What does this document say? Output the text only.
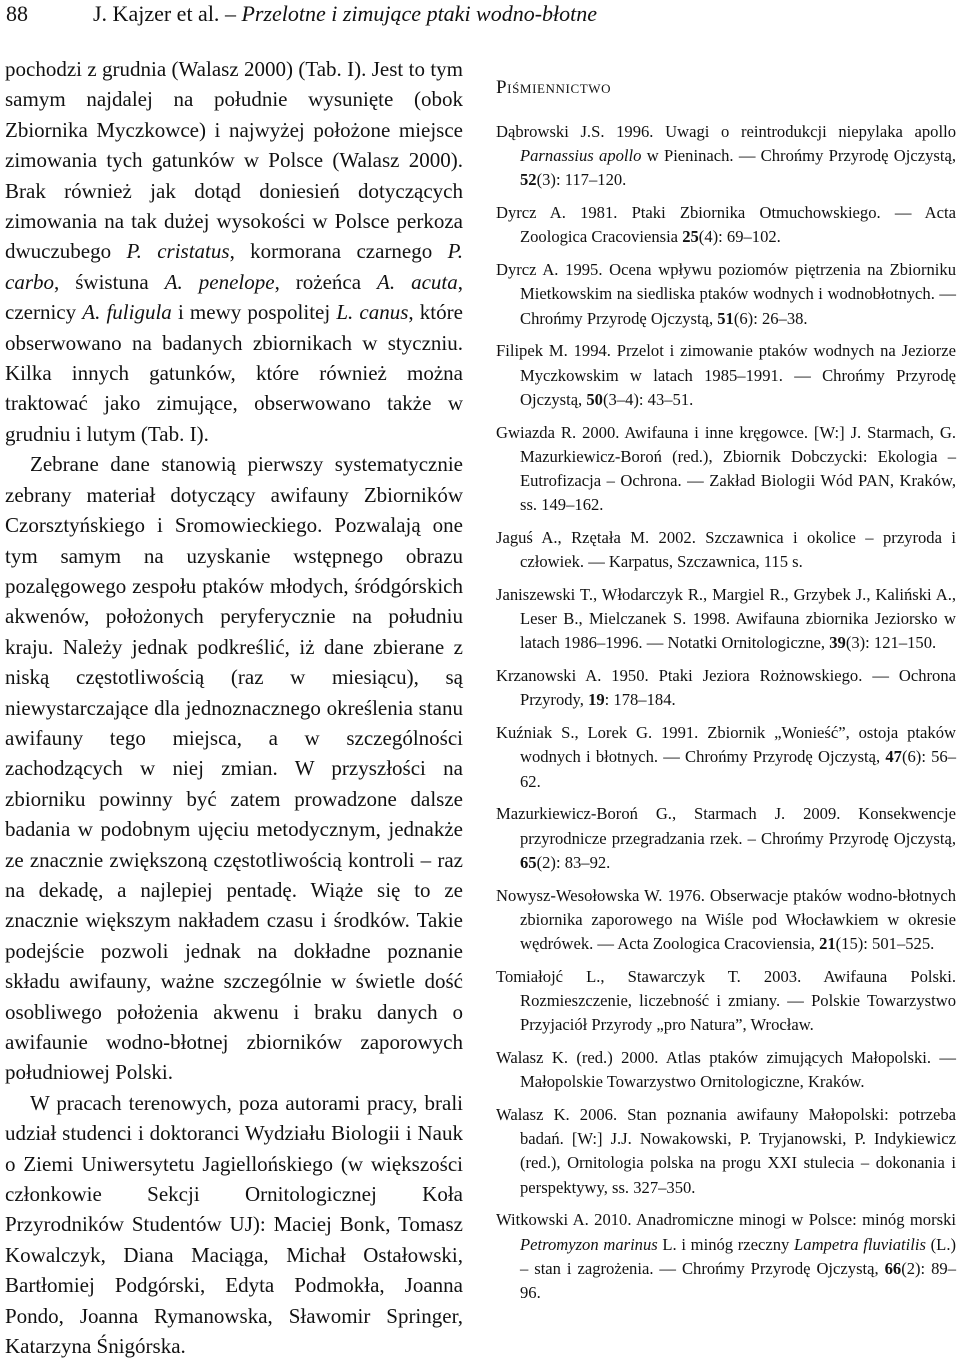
88	J. Kajzer et al. – Przelotne i zimujące ptaki wodno-błotne

pochodzi z grudnia (Walasz 2000) (Tab. I). Jest to tym samym najdalej na południe wysunięte (obok Zbiornika Myczkowce) i najwyżej położone miejsce zimowania tych gatunków w Polsce (Walasz 2000). Brak również jak dotąd doniesień dotyczących zimowania na tak dużej wysokości w Polsce perkoza dwuczubego P. cristatus, kormorana czarnego P. carbo, świstuna A. penelope, rożeńca A. acuta, czernicy A. fuligula i mewy pospolitej L. canus, które obserwowano na badanych zbiornikach w styczniu. Kilka innych gatunków, które również można traktować jako zimujące, obserwowano także w grudniu i lutym (Tab. I).

Zebrane dane stanowią pierwszy systematycznie zebrany materiał dotyczący awifauny Zbiorników Czorsztyńskiego i Sromowieckiego. Pozwalają one tym samym na uzyskanie wstępnego obrazu pozalęgowego zespołu ptaków młodych, śródgórskich akwenów, położonych peryferycznie na południu kraju. Należy jednak podkreślić, iż dane zbierane z niską częstotliwością (raz w miesiącu), są niewystarczające dla jednoznacznego określenia stanu awifauny tego miejsca, a w szczególności zachodzących w niej zmian. W przyszłości na zbiorniku powinny być zatem prowadzone dalsze badania w podobnym ujęciu metodycznym, jednakże ze znacznie zwiększoną częstotliwością kontroli – raz na dekadę, a najlepiej pentadę. Wiąże się to ze znacznie większym nakładem czasu i środków. Takie podejście pozwoli jednak na dokładne poznanie składu awifauny, ważne szczególnie w świetle dość osobliwego położenia akwenu i braku danych o awifaunie wodno-błotnej zbiorników zaporowych południowej Polski.

W pracach terenowych, poza autorami pracy, brali udział studenci i doktoranci Wydziału Biologii i Nauk o Ziemi Uniwersytetu Jagiellońskiego (w większości członkowie Sekcji Ornitologicznej Koła Przyrodników Studentów UJ): Maciej Bonk, Tomasz Kowalczyk, Diana Maciąga, Michał Ostałowski, Bartłomiej Podgórski, Edyta Podmokła, Joanna Pondo, Joanna Rymanowska, Sławomir Springer, Katarzyna Śnigórska.

Piśmiennictwo

Dąbrowski J.S. 1996. Uwagi o reintrodukcji niepylaka apollo Parnassius apollo w Pieninach. — Chrońmy Przyrodę Ojczystą, 52(3): 117–120.

Dyrcz A. 1981. Ptaki Zbiornika Otmuchowskiego. — Acta Zoologica Cracoviensia 25(4): 69–102.

Dyrcz A. 1995. Ocena wpływu poziomów piętrzenia na Zbiorniku Mietkowskim na siedliska ptaków wodnych i wodnobłotnych. — Chrońmy Przyrodę Ojczystą, 51(6): 26–38.

Filipek M. 1994. Przelot i zimowanie ptaków wodnych na Jeziorze Myczkowskim w latach 1985–1991. — Chrońmy Przyrodę Ojczystą, 50(3–4): 43–51.

Gwiazda R. 2000. Awifauna i inne kręgowce. [W:] J. Starmach, G. Mazurkiewicz-Boroń (red.), Zbiornik Dobczycki: Ekologia – Eutrofizacja – Ochrona. — Zakład Biologii Wód PAN, Kraków, ss. 149–162.

Jaguś A., Rzętała M. 2002. Szczawnica i okolice – przyroda i człowiek. — Karpatus, Szczawnica, 115 s.

Janiszewski T., Włodarczyk R., Margiel R., Grzybek J., Kaliński A., Leser B., Mielczanek S. 1998. Awifauna zbiornika Jeziorsko w latach 1986–1996. — Notatki Ornitologiczne, 39(3): 121–150.

Krzanowski A. 1950. Ptaki Jeziora Rożnowskiego. — Ochrona Przyrody, 19: 178–184.

Kuźniak S., Lorek G. 1991. Zbiornik „Wonieść”, ostoja ptaków wodnych i błotnych. — Chrońmy Przyrodę Ojczystą, 47(6): 56–62.

Mazurkiewicz-Boroń G., Starmach J. 2009. Konsekwencje przyrodnicze przegradzania rzek. – Chrońmy Przyrodę Ojczystą, 65(2): 83–92.

Nowysz-Wesołowska W. 1976. Obserwacje ptaków wodno-błotnych zbiornika zaporowego na Wiśle pod Włocławkiem w okresie wędrówek. — Acta Zoologica Cracoviensia, 21(15): 501–525.

Tomiałojć L., Stawarczyk T. 2003. Awifauna Polski. Rozmieszczenie, liczebność i zmiany. — Polskie Towarzystwo Przyjaciół Przyrody „pro Natura”, Wrocław.

Walasz K. (red.) 2000. Atlas ptaków zimujących Małopolski. — Małopolskie Towarzystwo Ornitologiczne, Kraków.

Walasz K. 2006. Stan poznania awifauny Małopolski: potrzeba badań. [W:] J.J. Nowakowski, P. Tryjanowski, P. Indykiewicz (red.), Ornitologia polska na progu XXI stulecia – dokonania i perspektywy, ss. 327–350.

Witkowski A. 2010. Anadromiczne minogi w Polsce: minóg morski Petromyzon marinus L. i minóg rzeczny Lampetra fluviatilis (L.) – stan i zagrożenia. — Chrońmy Przyrodę Ojczystą, 66(2): 89–96.
